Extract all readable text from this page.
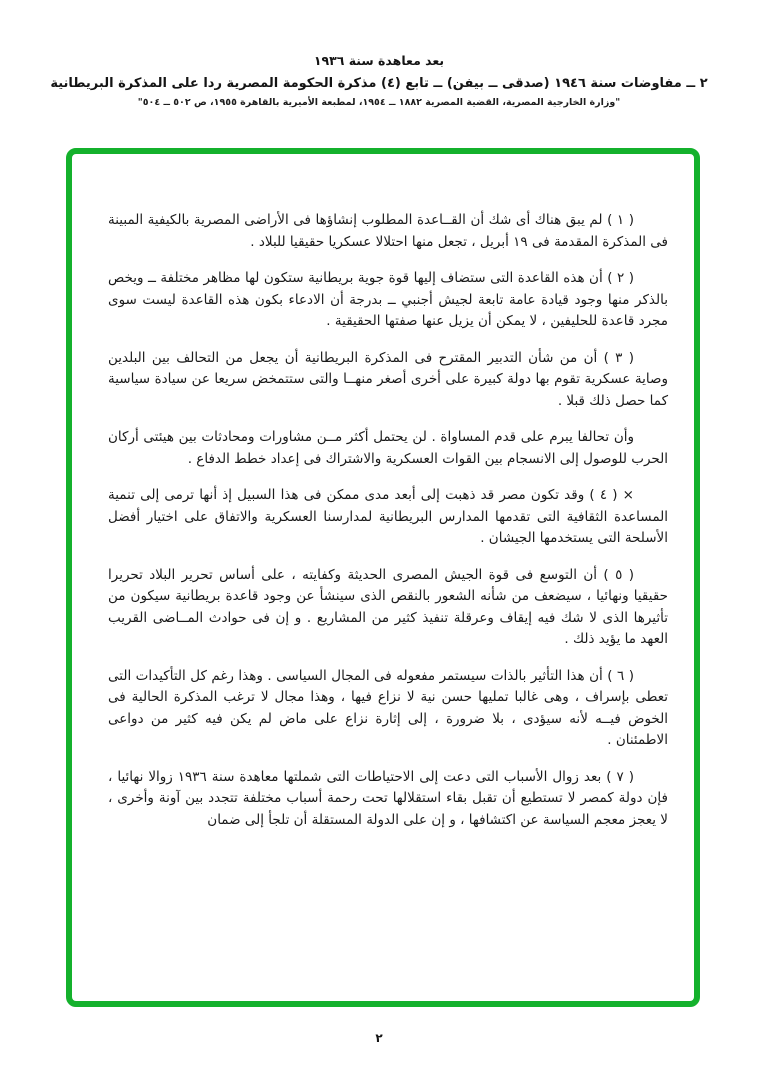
بعد معاهدة سنة ١٩٣٦
٢ ــ مفاوضات سنة ١٩٤٦ (صدقى ــ بيفن) ــ تابع (٤) مذكرة الحكومة المصرية ردا على المذكرة البريطانية
"وزارة الخارجية المصرية، القضية المصرية ١٨٨٢ ــ ١٩٥٤، لمطبعة الأميرية بالقاهرة ١٩٥٥، ص ٥٠٢ ــ ٥٠٤"

( ١ ) لم يبق هناك أى شك أن القــاعدة المطلوب إنشاؤها فى الأراضى المصرية بالكيفية المبينة فى المذكرة المقدمة فى ١٩ أبريل ، تجعل منها احتلالا عسكريا حقيقيا للبلاد .

( ٢ ) أن هذه القاعدة التى ستضاف إليها قوة جوية بريطانية ستكون لها مظاهر مختلفة ــ ويخص بالذكر منها وجود قيادة عامة تابعة لجيش أجنبي ــ بدرجة أن الادعاء بكون هذه القاعدة ليست سوى مجرد قاعدة للحليفين ، لا يمكن أن يزيل عنها صفتها الحقيقية .

( ٣ ) أن من شأن التدبير المقترح فى المذكرة البريطانية أن يجعل من التحالف بين البلدين وصاية عسكرية تقوم بها دولة كبيرة على أخرى أصغر منهــا والتى ستتمخض سريعا عن سيادة سياسية كما حصل ذلك قبلا .

وأن تحالفا يبرم على قدم المساواة . لن يحتمل أكثر مــن مشاورات ومحادثات بين هيئتى أركان الحرب للوصول إلى الانسجام بين القوات العسكرية والاشتراك فى إعداد خطط الدفاع .

× ( ٤ ) وقد تكون مصر قد ذهبت إلى أبعد مدى ممكن فى هذا السبيل إذ أنها ترمى إلى تنمية المساعدة الثقافية التى تقدمها المدارس البريطانية لمدارسنا العسكرية والاتفاق على اختيار أفضل الأسلحة التى يستخدمها الجيشان .

( ٥ ) أن التوسع فى قوة الجيش المصرى الحديثة وكفايته ، على أساس تحرير البلاد تحريرا حقيقيا ونهائيا ، سيضعف من شأنه الشعور بالنقص الذى سينشأ عن وجود قاعدة بريطانية سيكون من تأثيرها الذى لا شك فيه إيقاف وعرقلة تنفيذ كثير من المشاريع . و إن فى حوادث المــاضى القريب العهد ما يؤيد ذلك .

( ٦ ) أن هذا التأثير بالذات سيستمر مفعوله فى المجال السياسى . وهذا رغم كل التأكيدات التى تعطى بإسراف ، وهى غالبا تمليها حسن نية لا نزاع فيها ، وهذا مجال لا ترغب المذكرة الحالية فى الخوض فيــه لأنه سيؤدى ، بلا ضرورة ، إلى إثارة نزاع على ماض لم يكن فيه كثير من دواعى الاطمئنان .

( ٧ ) بعد زوال الأسباب التى دعت إلى الاحتياطات التى شملتها معاهدة سنة ١٩٣٦ زوالا نهائيا ، فإن دولة كمصر لا تستطيع أن تقبل بقاء استقلالها تحت رحمة أسباب مختلفة تتجدد بين آونة وأخرى ، لا يعجز معجم السياسة عن اكتشافها ، و إن على الدولة المستقلة أن تلجأ إلى ضمان

٢
